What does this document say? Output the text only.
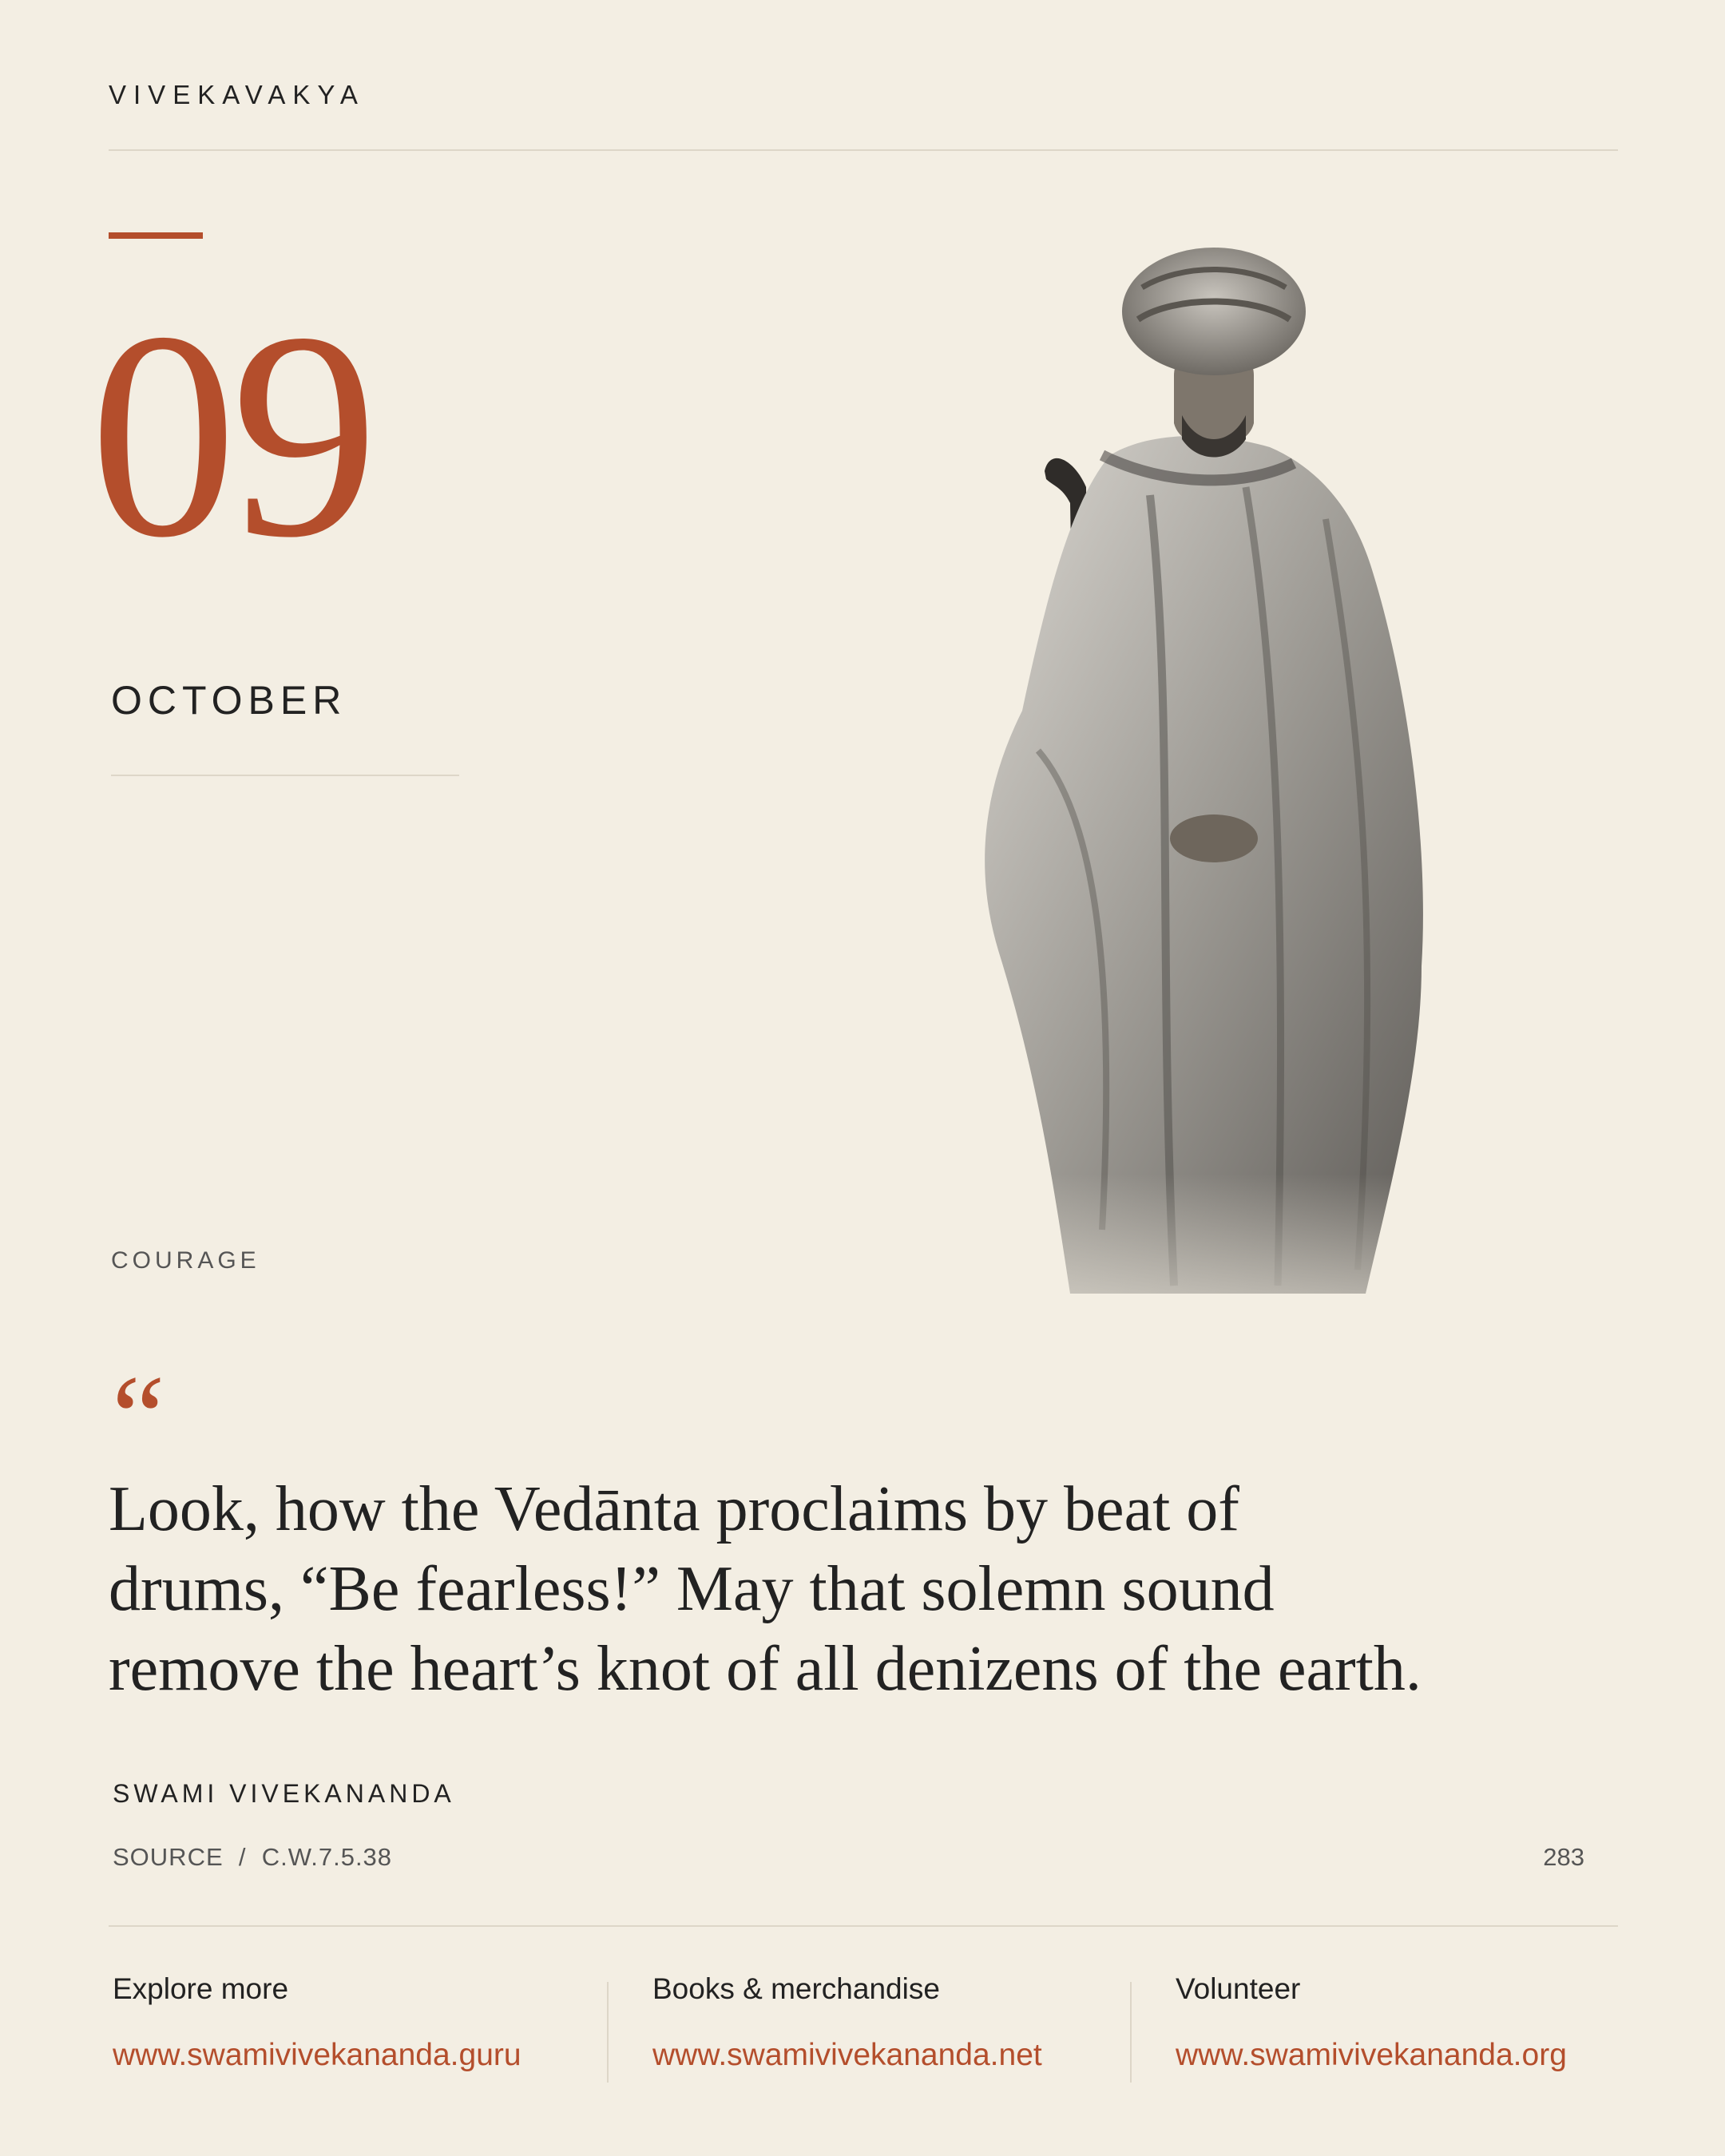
VIVEKAVAKYA
09
OCTOBER
COURAGE
“
Look, how the Vedānta proclaims by beat of
drums, “Be fearless!” May that solemn sound
remove the heart’s knot of all denizens of the earth.
SWAMI VIVEKANANDA
SOURCE  /  C.W.7.5.38	283
Explore more
www.swamivivekananda.guru
Books & merchandise
www.swamivivekananda.net
Volunteer
www.swamivivekananda.org
